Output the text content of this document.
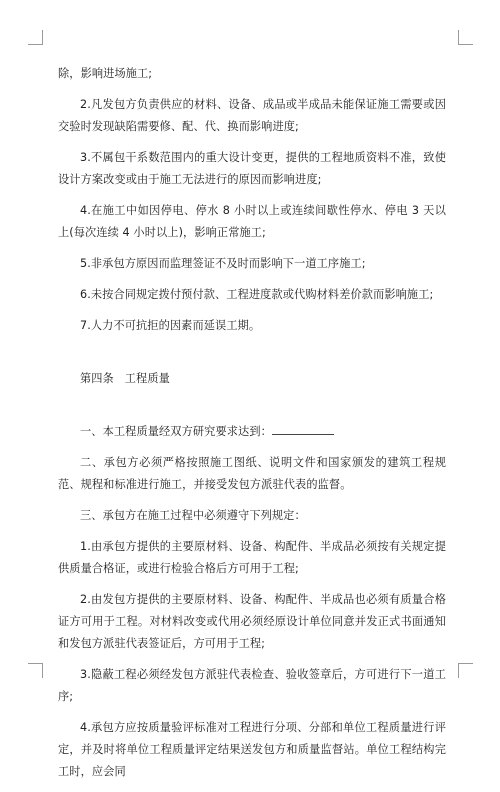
除，影响进场施工;

2.凡发包方负责供应的材料、设备、成品或半成品未能保证施工需要或因交验时发现缺陷需要修、配、代、换而影响进度;

3.不属包干系数范围内的重大设计变更，提供的工程地质资料不准，致使设计方案改变或由于施工无法进行的原因而影响进度;

4.在施工中如因停电、停水 8 小时以上或连续间歇性停水、停电 3 天以上(每次连续 4 小时以上)，影响正常施工;

5.非承包方原因而监理签证不及时而影响下一道工序施工;

6.未按合同规定拨付预付款、工程进度款或代购材料差价款而影响施工;

7.人力不可抗拒的因素而延误工期。

第四条   工程质量

一、本工程质量经双方研究要求达到：

二、承包方必须严格按照施工图纸、说明文件和国家颁发的建筑工程规范、规程和标准进行施工，并接受发包方派驻代表的监督。

三、承包方在施工过程中必须遵守下列规定：

1.由承包方提供的主要原材料、设备、构配件、半成品必须按有关规定提供质量合格证，或进行检验合格后方可用于工程;

2.由发包方提供的主要原材料、设备、构配件、半成品也必须有质量合格证方可用于工程。对材料改变或代用必须经原设计单位同意并发正式书面通知和发包方派驻代表签证后，方可用于工程;

3.隐蔽工程必须经发包方派驻代表检查、验收签章后，方可进行下一道工序;

4.承包方应按质量验评标准对工程进行分项、分部和单位工程质量进行评定，并及时将单位工程质量评定结果送发包方和质量监督站。单位工程结构完工时，应会同
